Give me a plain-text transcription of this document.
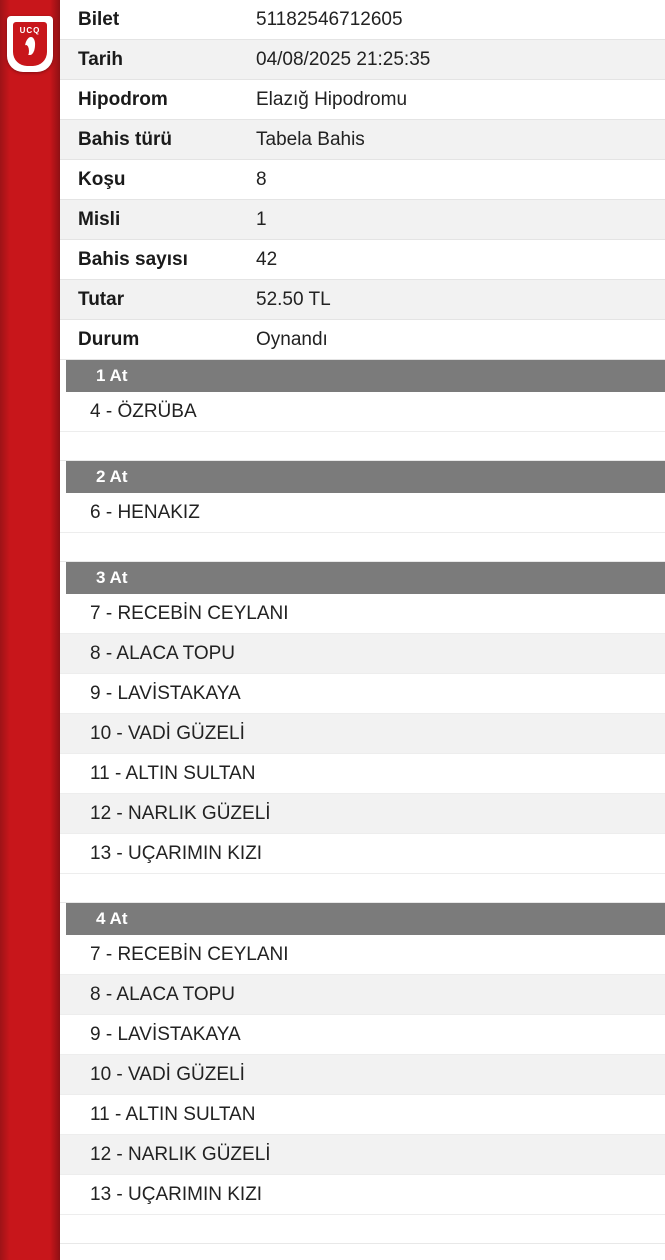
UCQ
Bilet	51182546712605
Tarih	04/08/2025 21:25:35
Hipodrom	Elazığ Hipodromu
Bahis türü	Tabela Bahis
Koşu	8
Misli	1
Bahis sayısı	42
Tutar	52.50 TL
Durum	Oynandı
1 At
4 - ÖZRÜBA
2 At
6 - HENAKIZ
3 At
7 - RECEBİN CEYLANI
8 - ALACA TOPU
9 - LAVİSTAKAYA
10 - VADİ GÜZELİ
11 - ALTIN SULTAN
12 - NARLIK GÜZELİ
13 - UÇARIMIN KIZI
4 At
7 - RECEBİN CEYLANI
8 - ALACA TOPU
9 - LAVİSTAKAYA
10 - VADİ GÜZELİ
11 - ALTIN SULTAN
12 - NARLIK GÜZELİ
13 - UÇARIMIN KIZI
